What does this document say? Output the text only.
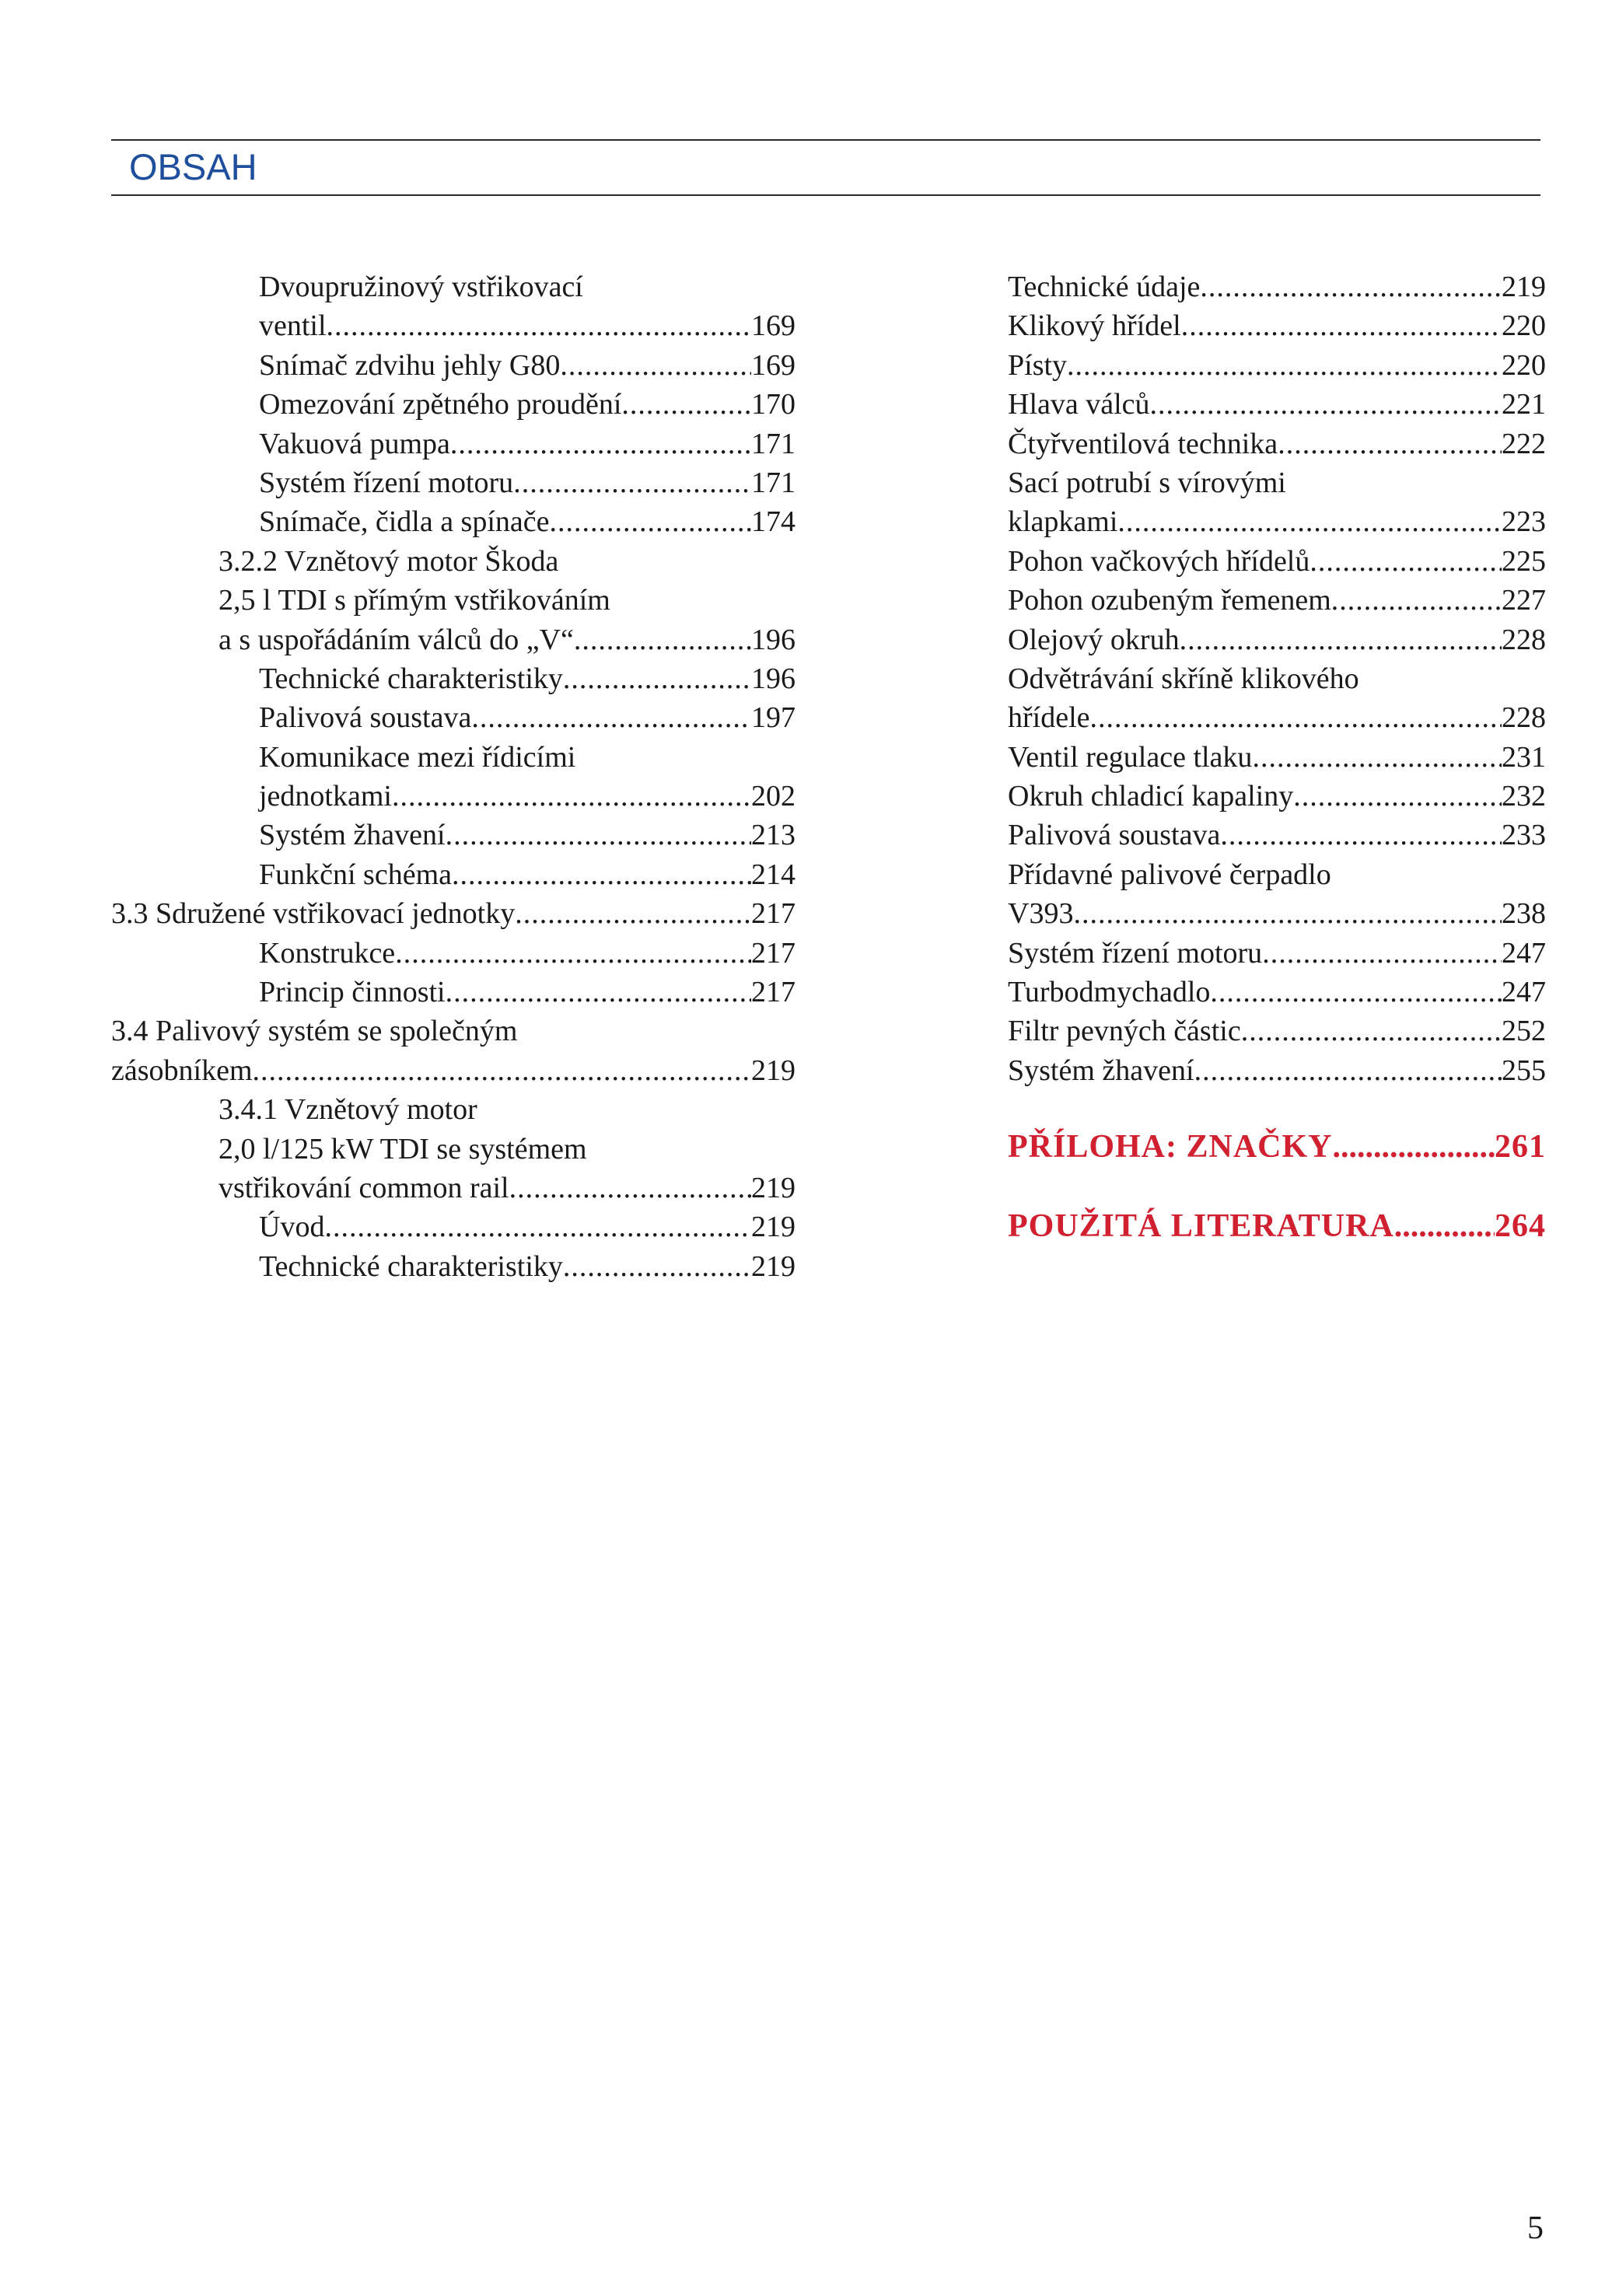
OBSAH
Dvoupružinový vstřikovací
ventil .....	169
Snímač zdvihu jehly G80 .....	169
Omezování zpětného proudění .....	170
Vakuová pumpa .....	171
Systém řízení motoru .....	171
Snímače, čidla a spínače .....	174
3.2.2 Vznětový motor Škoda
2,5 l TDI s přímým vstřikováním
a s uspořádáním válců do „V“ .....	196
Technické charakteristiky .....	196
Palivová soustava .....	197
Komunikace mezi řídicími
jednotkami .....	202
Systém žhavení .....	213
Funkční schéma .....	214
3.3 Sdružené vstřikovací jednotky .....	217
Konstrukce .....	217
Princip činnosti .....	217
3.4 Palivový systém se společným
zásobníkem .....	219
3.4.1 Vznětový motor
2,0 l/125 kW TDI se systémem
vstřikování common rail .....	219
Úvod .....	219
Technické charakteristiky .....	219
Technické údaje .....	219
Klikový hřídel .....	220
Písty .....	220
Hlava válců .....	221
Čtyřventilová technika .....	222
Sací potrubí s vírovými
klapkami .....	223
Pohon vačkových hřídelů .....	225
Pohon ozubeným řemenem .....	227
Olejový okruh .....	228
Odvětrávání skříně klikového
hřídele .....	228
Ventil regulace tlaku .....	231
Okruh chladicí kapaliny .....	232
Palivová soustava .....	233
Přídavné palivové čerpadlo
V393 .....	238
Systém řízení motoru .....	247
Turbodmychadlo .....	247
Filtr pevných částic .....	252
Systém žhavení .....	255
PŘÍLOHA: ZNAČKY .....	261
POUŽITÁ LITERATURA .....	264
5
